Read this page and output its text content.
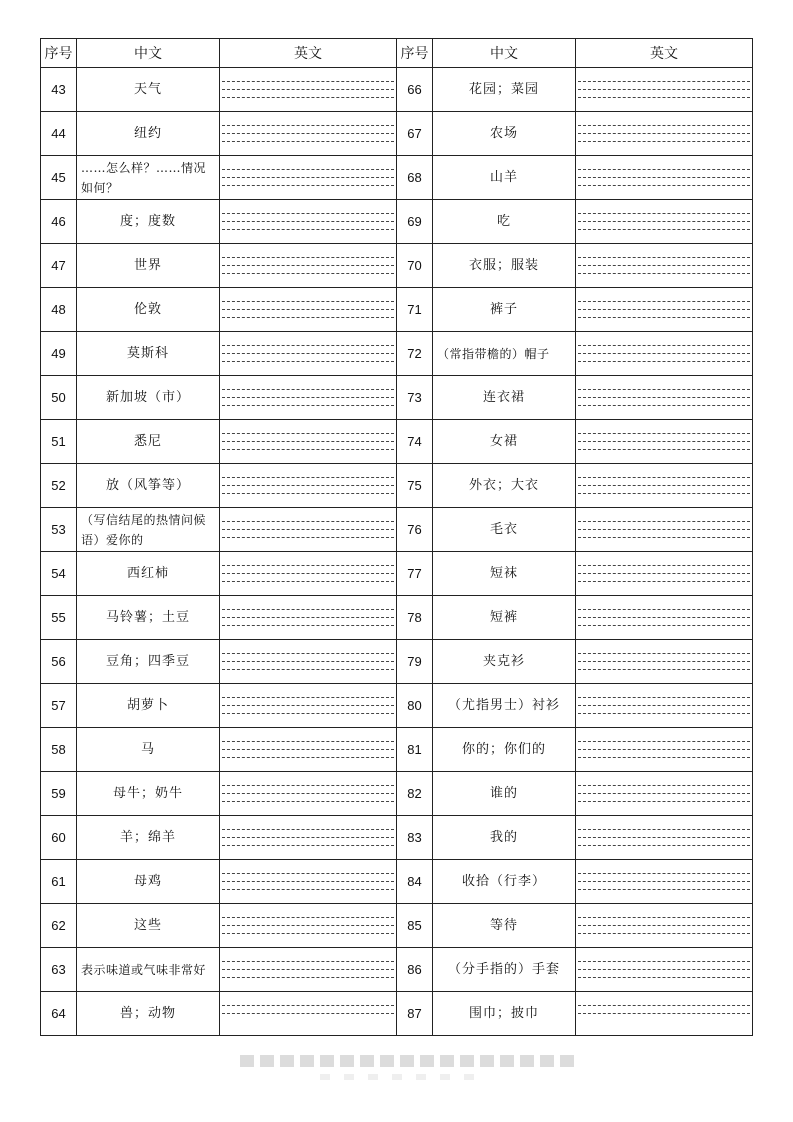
序号	中文	英文	序号	中文	英文
43	天气		66	花园；菜园	

44	纽约		67	农场	

45	……怎么样？……情况如何？		68	山羊	

46	度；度数		69	吃	

47	世界		70	衣服；服装	

48	伦敦		71	裤子	

49	莫斯科		72	（常指带檐的）帽子	

50	新加坡（市）		73	连衣裙	

51	悉尼		74	女裙	

52	放（风筝等）		75	外衣；大衣	

53	（写信结尾的热情问候语）爱你的		76	毛衣	

54	西红柿		77	短袜	

55	马铃薯；土豆		78	短裤	

56	豆角；四季豆		79	夹克衫	

57	胡萝卜		80	（尤指男士）衬衫	

58	马		81	你的；你们的	

59	母牛；奶牛		82	谁的	

60	羊；绵羊		83	我的	

61	母鸡		84	收拾（行李）	

62	这些		85	等待	

63	表示味道或气味非常好		86	（分手指的）手套	

64	兽；动物		87	围巾；披巾	
